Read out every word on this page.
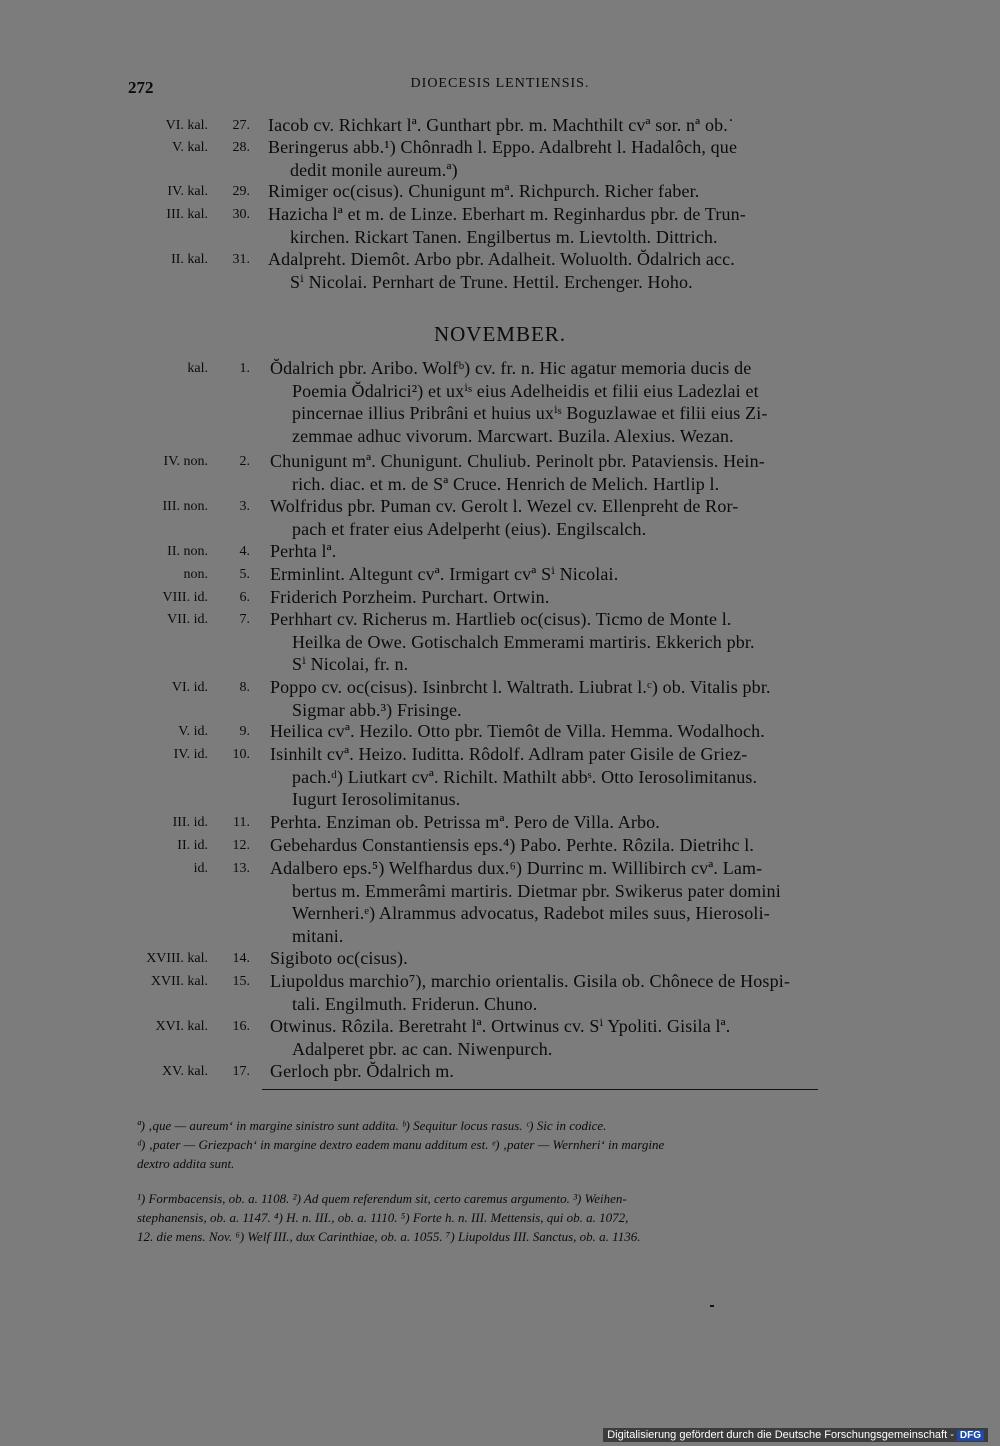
272	DIOECESIS LENTIENSIS.
VI. kal. 27. Iacob cv. Richkart lª. Gunthart pbr. m. Machthilt cvª sor. nª ob.˙
V. kal. 28. Beringerus abb.¹) Chônradh l. Eppo. Adalbreht l. Hadalôch, que
dedit monile aureum.ª)
IV. kal. 29. Rimiger oc(cisus). Chunigunt mª. Richpurch. Richer faber.
III. kal. 30. Hazicha lª et m. de Linze. Eberhart m. Reginhardus pbr. de Trun-
kirchen. Rickart Tanen. Engilbertus m. Lievtolth. Dittrich.
II. kal. 31. Adalpreht. Diemôt. Arbo pbr. Adalheit. Woluolth. Ŏdalrich acc.
Sⁱ Nicolai. Pernhart de Trune. Hettil. Erchenger. Hoho.
NOVEMBER.
kal. 1. Ŏdalrich pbr. Aribo. Wolfᵇ) cv. fr. n. Hic agatur memoria ducis de
Poemia Ŏdalrici²) et uxⁱˢ eius Adelheidis et filii eius Ladezlai et
pincernae illius Pribrâni et huius uxⁱˢ Boguzlawae et filii eius Zi-
zemmae adhuc vivorum. Marcwart. Buzila. Alexius. Wezan.
IV. non. 2. Chunigunt mª. Chunigunt. Chuliub. Perinolt pbr. Pataviensis. Hein-
rich. diac. et m. de Sª Cruce. Henrich de Melich. Hartlip l.
III. non. 3. Wolfridus pbr. Puman cv. Gerolt l. Wezel cv. Ellenpreht de Ror-
pach et frater eius Adelperht (eius). Engilscalch.
II. non. 4. Perhta lª.
non. 5. Erminlint. Altegunt cvª. Irmigart cvª Sⁱ Nicolai.
VIII. id. 6. Friderich Porzheim. Purchart. Ortwin.
VII. id. 7. Perhhart cv. Richerus m. Hartlieb oc(cisus). Ticmo de Monte l.
Heilka de Owe. Gotischalch Emmerami martiris. Ekkerich pbr.
Sⁱ Nicolai, fr. n.
VI. id. 8. Poppo cv. oc(cisus). Isinbrcht l. Waltrath. Liubrat l.ᶜ) ob. Vitalis pbr.
Sigmar abb.³) Frisinge.
V. id. 9. Heilica cvª. Hezilo. Otto pbr. Tiemôt de Villa. Hemma. Wodalhoch.
IV. id. 10. Isinhilt cvª. Heizo. Iuditta. Rôdolf. Adlram pater Gisile de Griez-
pach.ᵈ) Liutkart cvª. Richilt. Mathilt abbˢ. Otto Ierosolimitanus.
Iugurt Ierosolimitanus.
III. id. 11. Perhta. Enziman ob. Petrissa mª. Pero de Villa. Arbo.
II. id. 12. Gebehardus Constantiensis eps.⁴) Pabo. Perhte. Rôzila. Dietrihc l.
id. 13. Adalbero eps.⁵) Welfhardus dux.⁶) Durrinc m. Willibirch cvª. Lam-
bertus m. Emmerâmi martiris. Dietmar pbr. Swikerus pater domini
Wernheri.ᵉ) Alrammus advocatus, Radebot miles suus, Hierosoli-
mitani.
XVIII. kal. 14. Sigiboto oc(cisus).
XVII. kal. 15. Liupoldus marchio⁷), marchio orientalis. Gisila ob. Chônece de Hospi-
tali. Engilmuth. Friderun. Chuno.
XVI. kal. 16. Otwinus. Rôzila. Beretraht lª. Ortwinus cv. Sⁱ Ypoliti. Gisila lª.
Adalperet pbr. ac can. Niwenpurch.
XV. kal. 17. Gerloch pbr. Ŏdalrich m.
ª) ‚que — aureum‘ in margine sinistro sunt addita. ᵇ) Sequitur locus rasus. ᶜ) Sic in codice.
ᵈ) ‚pater — Griezpach‘ in margine dextro eadem manu additum est. ᵉ) ‚pater — Wernheri‘ in margine
dextro addita sunt.
¹) Formbacensis, ob. a. 1108. ²) Ad quem referendum sit, certo caremus argumento. ³) Weihen-
stephanensis, ob. a. 1147. ⁴) H. n. III., ob. a. 1110. ⁵) Forte h. n. III. Mettensis, qui ob. a. 1072,
12. die mens. Nov. ⁶) Welf III., dux Carinthiae, ob. a. 1055. ⁷) Liupoldus III. Sanctus, ob. a. 1136.
Digitalisierung gefördert durch die Deutsche Forschungsgemeinschaft - DFG
